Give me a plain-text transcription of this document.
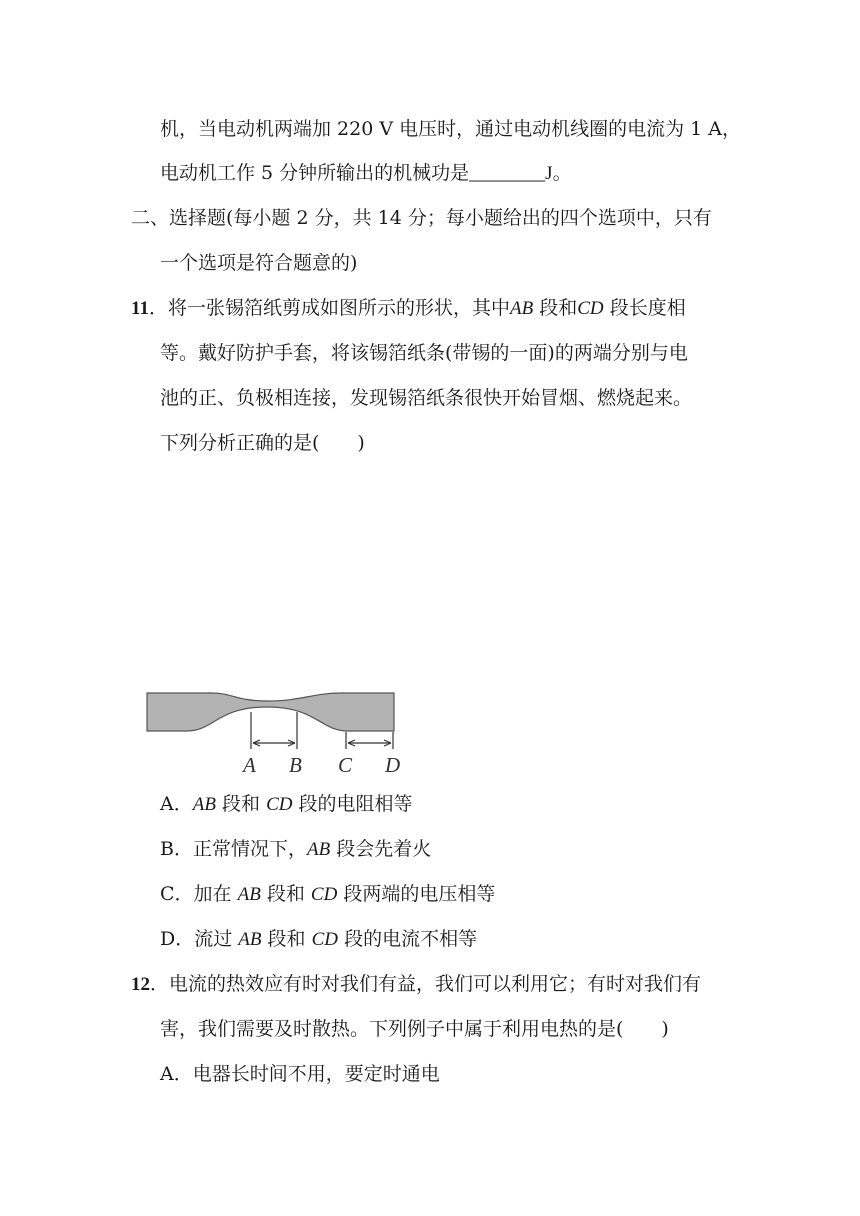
机，当电动机两端加 220 V 电压时，通过电动机线圈的电流为 1 A，
电动机工作 5 分钟所输出的机械功是________J。
二、选择题(每小题 2 分，共 14 分；每小题给出的四个选项中，只有
一个选项是符合题意的)
11．将一张锡箔纸剪成如图所示的形状，其中AB 段和CD 段长度相
等。戴好防护手套，将该锡箔纸条(带锡的一面)的两端分别与电
池的正、负极相连接，发现锡箔纸条很快开始冒烟、燃烧起来。
下列分析正确的是(　　)
A B C D
A．AB 段和 CD 段的电阻相等
B．正常情况下，AB 段会先着火
C．加在 AB 段和 CD 段两端的电压相等
D．流过 AB 段和 CD 段的电流不相等
12．电流的热效应有时对我们有益，我们可以利用它；有时对我们有
害，我们需要及时散热。下列例子中属于利用电热的是(　　)
A．电器长时间不用，要定时通电
